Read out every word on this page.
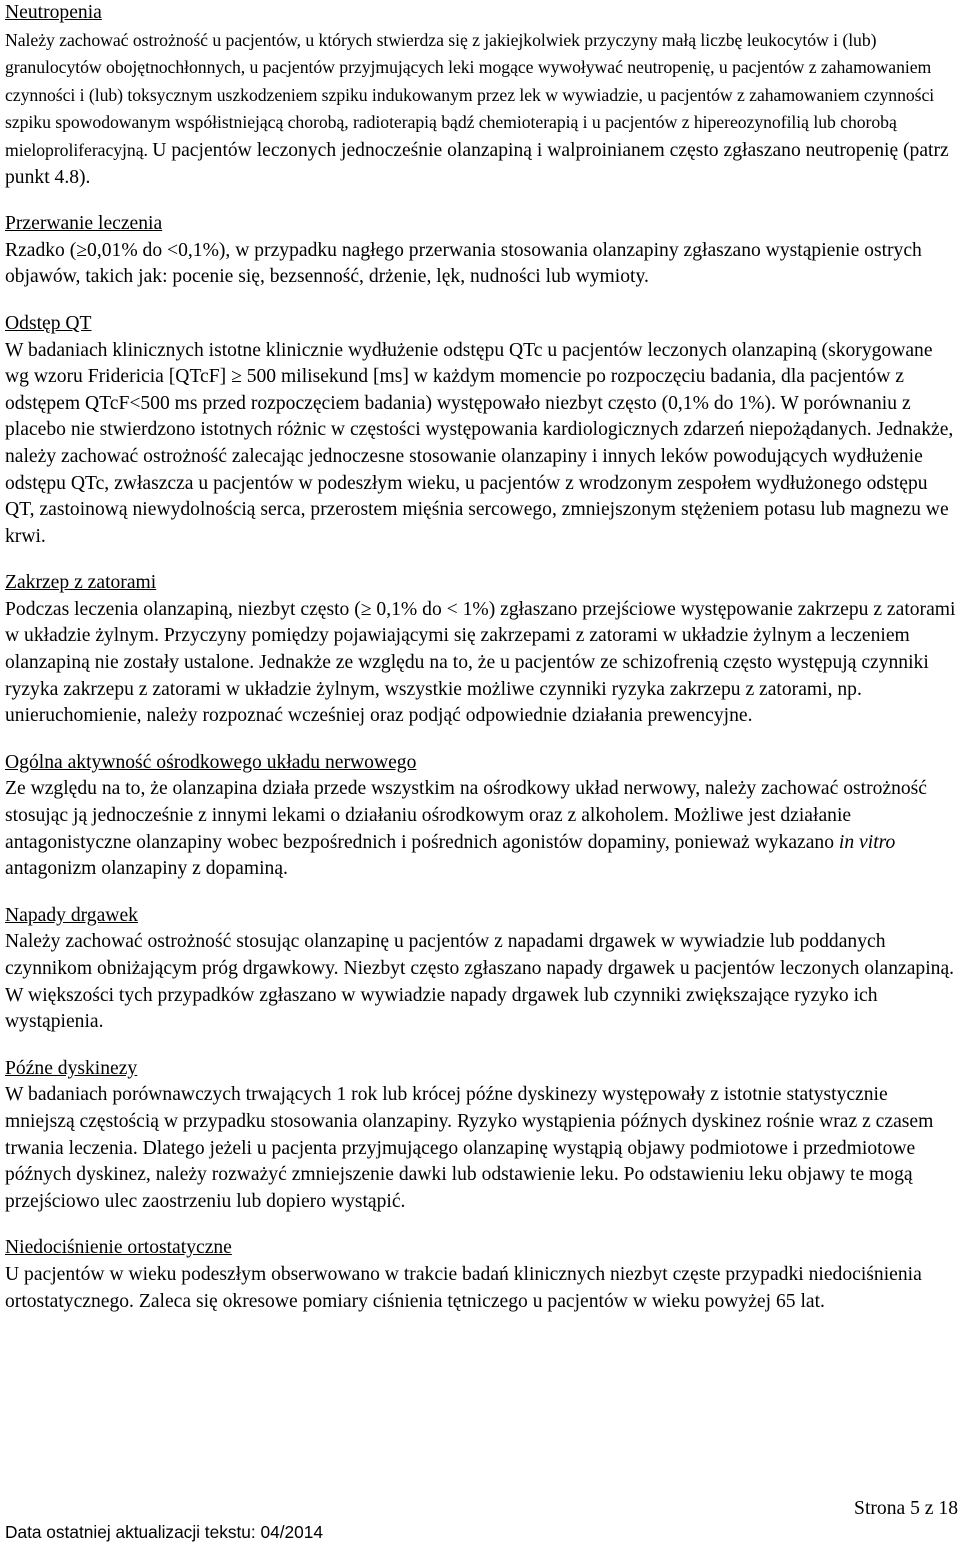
Neutropenia

Należy zachować ostrożność u pacjentów, u których stwierdza się z jakiejkolwiek przyczyny małą liczbę leukocytów i (lub) granulocytów obojętnochłonnych, u pacjentów przyjmujących leki mogące wywoływać neutropenię, u pacjentów z zahamowaniem czynności i (lub) toksycznym uszkodzeniem szpiku indukowanym przez lek w wywiadzie, u pacjentów z zahamowaniem czynności szpiku spowodowanym współistniejącą chorobą, radioterapią bądź chemioterapią i u pacjentów z hipereozynofilią lub chorobą mieloproliferacyjną. U pacjentów leczonych jednocześnie olanzapiną i walproinianem często zgłaszano neutropenię (patrz punkt 4.8).

Przerwanie leczenia

Rzadko (≥0,01% do <0,1%), w przypadku nagłego przerwania stosowania olanzapiny zgłaszano wystąpienie ostrych objawów, takich jak: pocenie się, bezsenność, drżenie, lęk, nudności lub wymioty.

Odstęp QT

W badaniach klinicznych istotne klinicznie wydłużenie odstępu QTc u pacjentów leczonych olanzapiną (skorygowane wg wzoru Fridericia [QTcF] ≥ 500 milisekund [ms] w każdym momencie po rozpoczęciu badania, dla pacjentów z odstępem QTcF<500 ms przed rozpoczęciem badania) występowało niezbyt często (0,1% do 1%). W porównaniu z placebo nie stwierdzono istotnych różnic w częstości występowania kardiologicznych zdarzeń niepożądanych. Jednakże, należy zachować ostrożność zalecając jednoczesne stosowanie olanzapiny i innych leków powodujących wydłużenie odstępu QTc, zwłaszcza u pacjentów w podeszłym wieku, u pacjentów z wrodzonym zespołem wydłużonego odstępu QT, zastoinową niewydolnością serca, przerostem mięśnia sercowego, zmniejszonym stężeniem potasu lub magnezu we krwi.

Zakrzep z zatorami

Podczas leczenia olanzapiną, niezbyt często (≥ 0,1% do < 1%) zgłaszano przejściowe występowanie zakrzepu z zatorami w układzie żylnym. Przyczyny pomiędzy pojawiającymi się zakrzepami z zatorami w układzie żylnym a leczeniem olanzapiną nie zostały ustalone. Jednakże ze względu na to, że u pacjentów ze schizofrenią często występują czynniki ryzyka zakrzepu z zatorami w układzie żylnym, wszystkie możliwe czynniki ryzyka zakrzepu z zatorami, np. unieruchomienie, należy rozpoznać wcześniej oraz podjąć odpowiednie działania prewencyjne.

Ogólna aktywność ośrodkowego układu nerwowego

Ze względu na to, że olanzapina działa przede wszystkim na ośrodkowy układ nerwowy, należy zachować ostrożność stosując ją jednocześnie z innymi lekami o działaniu ośrodkowym oraz z alkoholem. Możliwe jest działanie antagonistyczne olanzapiny wobec bezpośrednich i pośrednich agonistów dopaminy, ponieważ wykazano in vitro antagonizm olanzapiny z dopaminą.

Napady drgawek

Należy zachować ostrożność stosując olanzapinę u pacjentów z napadami drgawek w wywiadzie lub poddanych czynnikom obniżającym próg drgawkowy. Niezbyt często zgłaszano napady drgawek u pacjentów leczonych olanzapiną. W większości tych przypadków zgłaszano w wywiadzie napady drgawek lub czynniki zwiększające ryzyko ich wystąpienia.

Późne dyskinezy

W badaniach porównawczych trwających 1 rok lub krócej późne dyskinezy występowały z istotnie statystycznie mniejszą częstością w przypadku stosowania olanzapiny. Ryzyko wystąpienia późnych dyskinez rośnie wraz z czasem trwania leczenia. Dlatego jeżeli u pacjenta przyjmującego olanzapinę wystąpią objawy podmiotowe i przedmiotowe późnych dyskinez, należy rozważyć zmniejszenie dawki lub odstawienie leku. Po odstawieniu leku objawy te mogą przejściowo ulec zaostrzeniu lub dopiero wystąpić.

Niedociśnienie ortostatyczne

U pacjentów w wieku podeszłym obserwowano w trakcie badań klinicznych niezbyt częste przypadki niedociśnienia ortostatycznego. Zaleca się okresowe pomiary ciśnienia tętniczego u pacjentów w wieku powyżej 65 lat.

Strona 5 z 18
Data ostatniej aktualizacji tekstu: 04/2014
